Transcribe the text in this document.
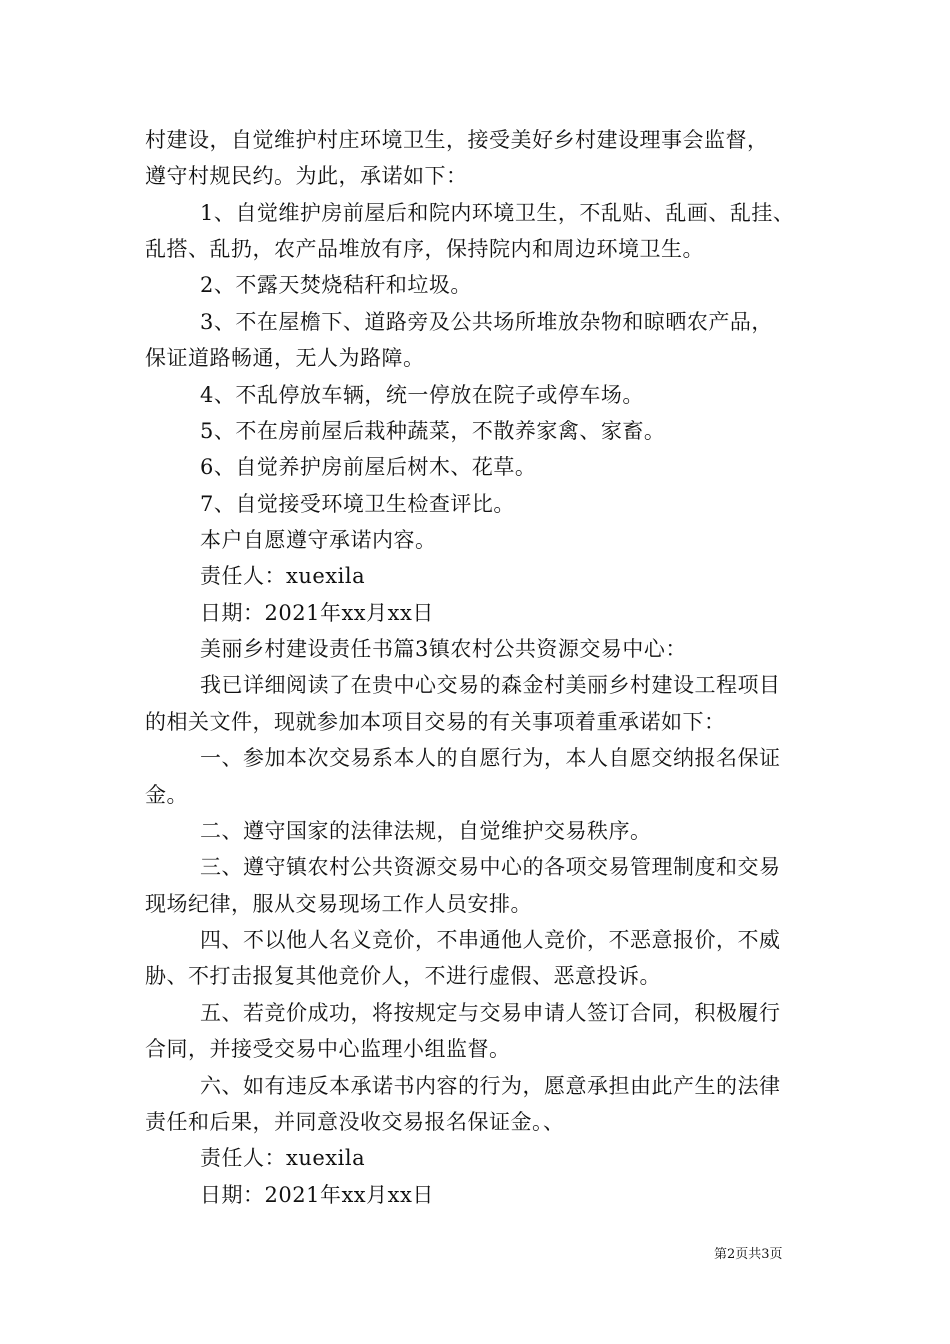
村建设，自觉维护村庄环境卫生，接受美好乡村建设理事会监督，
遵守村规民约。为此，承诺如下：
1、自觉维护房前屋后和院内环境卫生，不乱贴、乱画、乱挂、
乱搭、乱扔，农产品堆放有序，保持院内和周边环境卫生。
2、不露天焚烧秸秆和垃圾。
3、不在屋檐下、道路旁及公共场所堆放杂物和晾晒农产品，
保证道路畅通，无人为路障。
4、不乱停放车辆，统一停放在院子或停车场。
5、不在房前屋后栽种蔬菜，不散养家禽、家畜。
6、自觉养护房前屋后树木、花草。
7、自觉接受环境卫生检查评比。
本户自愿遵守承诺内容。
责任人：xuexila
日期：2021年xx月xx日
美丽乡村建设责任书篇3镇农村公共资源交易中心：
我已详细阅读了在贵中心交易的森金村美丽乡村建设工程项目
的相关文件，现就参加本项目交易的有关事项着重承诺如下：
一、参加本次交易系本人的自愿行为，本人自愿交纳报名保证
金。
二、遵守国家的法律法规，自觉维护交易秩序。
三、遵守镇农村公共资源交易中心的各项交易管理制度和交易
现场纪律，服从交易现场工作人员安排。
四、不以他人名义竞价，不串通他人竞价，不恶意报价，不威
胁、不打击报复其他竞价人，不进行虚假、恶意投诉。
五、若竞价成功，将按规定与交易申请人签订合同，积极履行
合同，并接受交易中心监理小组监督。
六、如有违反本承诺书内容的行为，愿意承担由此产生的法律
责任和后果，并同意没收交易报名保证金。、
责任人：xuexila
日期：2021年xx月xx日
第2页共3页
